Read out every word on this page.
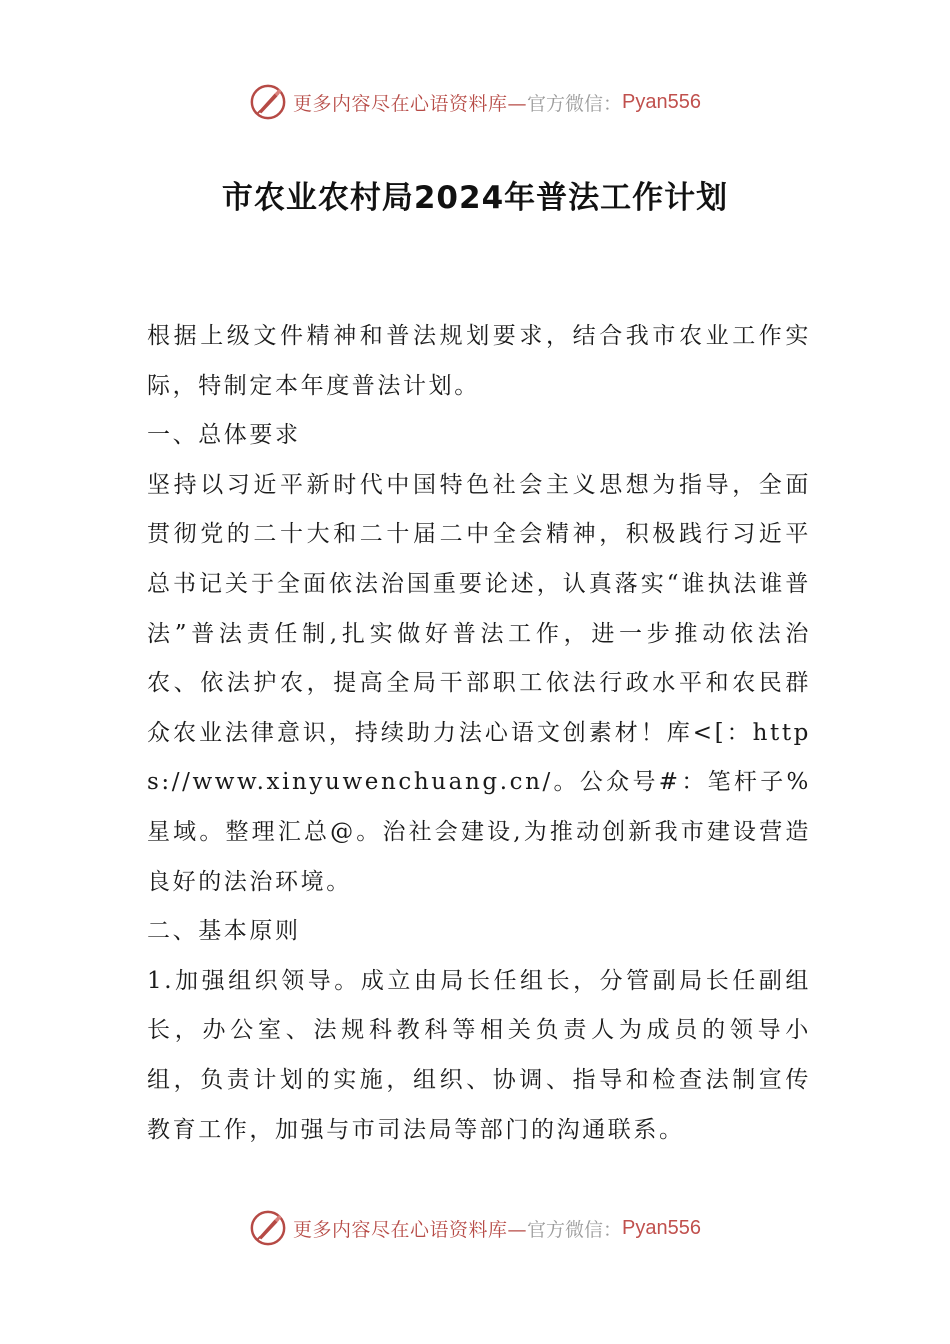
更多内容尽在心语资料库— 官方微信： Pyan556
市农业农村局2024年普法工作计划

根据上级文件精神和普法规划要求，结合我市农业工作实际，特制定本年度普法计划。

一、总体要求

坚持以习近平新时代中国特色社会主义思想为指导，全面贯彻党的二十大和二十届二中全会精神，积极践行习近平总书记关于全面依法治国重要论述，认真落实“谁执法谁普法”普法责任制,扎实做好普法工作，进一步推动依法治农、依法护农，提高全局干部职工依法行政水平和农民群众农业法律意识，持续助力法心语文创素材！库<[：https://www.xinyuwenchuang.cn/。公众号#：笔杆子%星域。整理汇总@。治社会建设,为推动创新我市建设营造良好的法治环境。

二、基本原则

1.加强组织领导。成立由局长任组长，分管副局长任副组长，办公室、法规科教科等相关负责人为成员的领导小组，负责计划的实施，组织、协调、指导和检查法制宣传教育工作，加强与市司法局等部门的沟通联系。

更多内容尽在心语资料库— 官方微信： Pyan556
